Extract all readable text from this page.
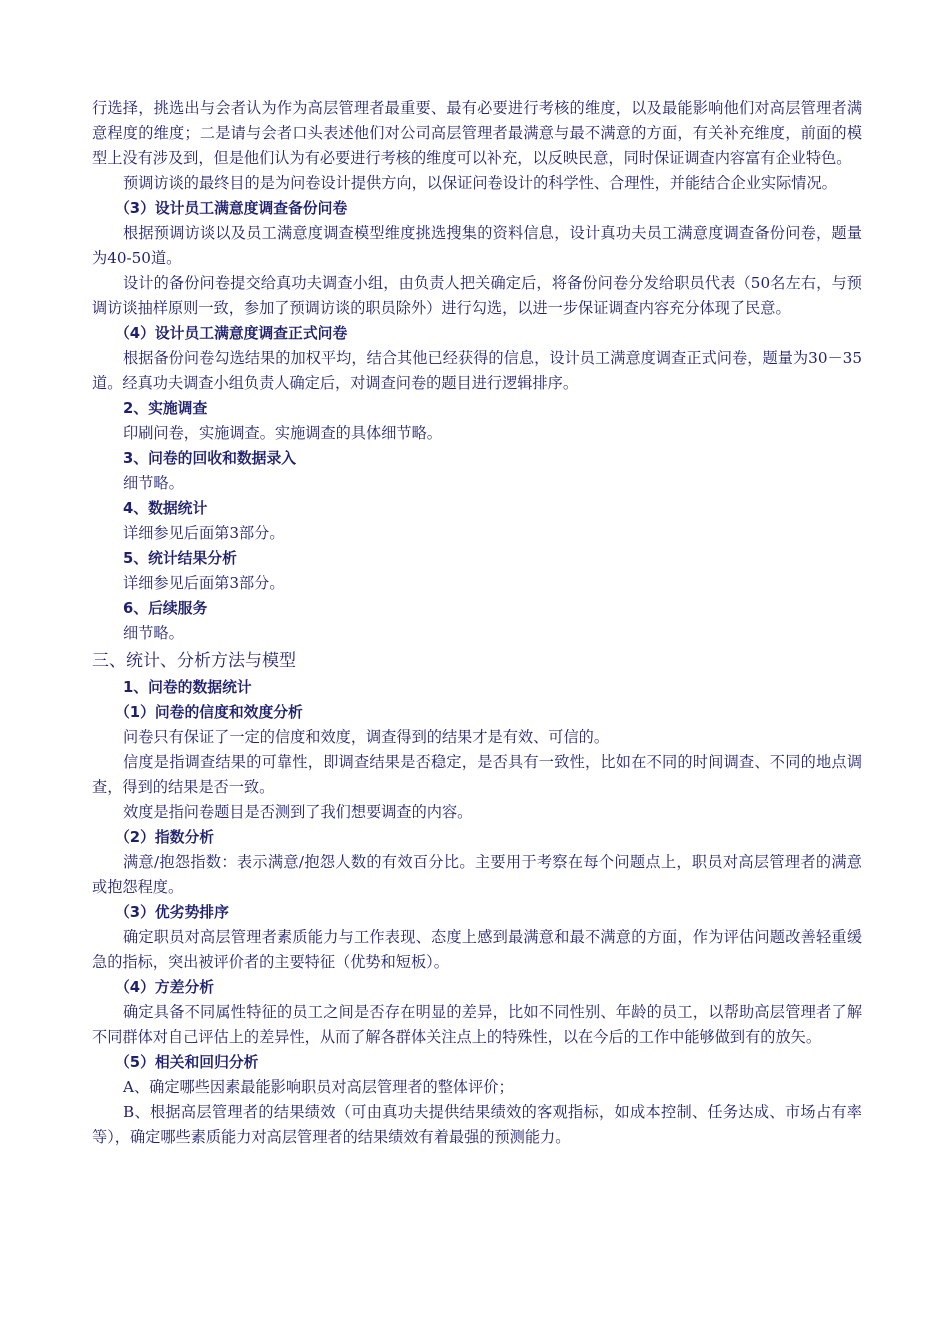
行选择，挑选出与会者认为作为高层管理者最重要、最有必要进行考核的维度，以及最能影响他们对高层管理者满意程度的维度；二是请与会者口头表述他们对公司高层管理者最满意与最不满意的方面，有关补充维度，前面的模型上没有涉及到，但是他们认为有必要进行考核的维度可以补充，以反映民意，同时保证调查内容富有企业特色。

预调访谈的最终目的是为问卷设计提供方向，以保证问卷设计的科学性、合理性，并能结合企业实际情况。

（3）设计员工满意度调查备份问卷

根据预调访谈以及员工满意度调查模型维度挑选搜集的资料信息，设计真功夫员工满意度调查备份问卷，题量为40-50道。

设计的备份问卷提交给真功夫调查小组，由负责人把关确定后，将备份问卷分发给职员代表（50名左右，与预调访谈抽样原则一致，参加了预调访谈的职员除外）进行勾选，以进一步保证调查内容充分体现了民意。

（4）设计员工满意度调查正式问卷

根据备份问卷勾选结果的加权平均，结合其他已经获得的信息，设计员工满意度调查正式问卷，题量为30－35道。经真功夫调查小组负责人确定后，对调查问卷的题目进行逻辑排序。

2、实施调查

印刷问卷，实施调查。实施调查的具体细节略。

3、问卷的回收和数据录入

细节略。

4、数据统计

详细参见后面第3部分。

5、统计结果分析

详细参见后面第3部分。

6、后续服务

细节略。

三、统计、分析方法与模型

1、问卷的数据统计

（1）问卷的信度和效度分析

问卷只有保证了一定的信度和效度，调查得到的结果才是有效、可信的。

信度是指调查结果的可靠性，即调查结果是否稳定，是否具有一致性，比如在不同的时间调查、不同的地点调查，得到的结果是否一致。

效度是指问卷题目是否测到了我们想要调查的内容。

（2）指数分析

满意/抱怨指数：表示满意/抱怨人数的有效百分比。主要用于考察在每个问题点上，职员对高层管理者的满意或抱怨程度。

（3）优劣势排序

确定职员对高层管理者素质能力与工作表现、态度上感到最满意和最不满意的方面，作为评估问题改善轻重缓急的指标，突出被评价者的主要特征（优势和短板）。

（4）方差分析

确定具备不同属性特征的员工之间是否存在明显的差异，比如不同性别、年龄的员工，以帮助高层管理者了解不同群体对自己评估上的差异性，从而了解各群体关注点上的特殊性，以在今后的工作中能够做到有的放矢。

（5）相关和回归分析

A、确定哪些因素最能影响职员对高层管理者的整体评价；

B、根据高层管理者的结果绩效（可由真功夫提供结果绩效的客观指标，如成本控制、任务达成、市场占有率等），确定哪些素质能力对高层管理者的结果绩效有着最强的预测能力。
